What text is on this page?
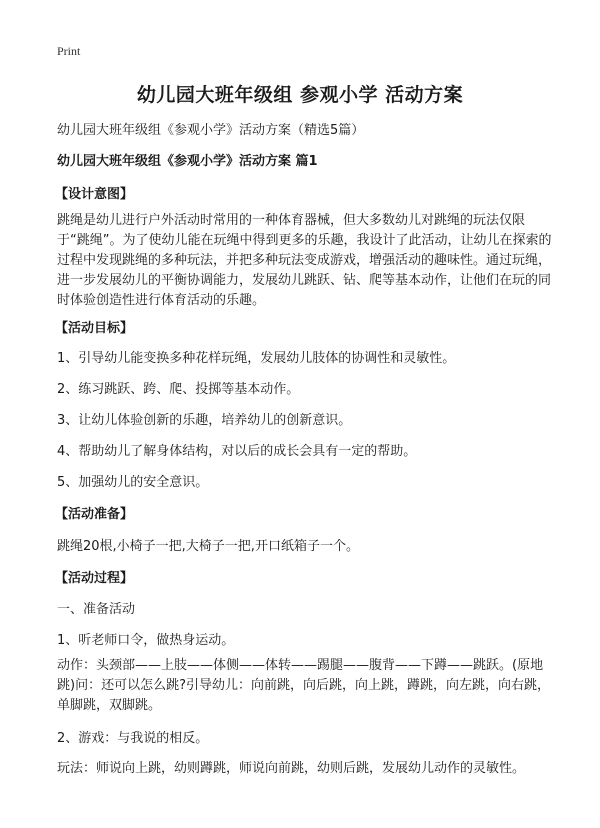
Print
幼儿园大班年级组 参观小学 活动方案
幼儿园大班年级组《参观小学》活动方案（精选5篇）
幼儿园大班年级组《参观小学》活动方案 篇1
【设计意图】

跳绳是幼儿进行户外活动时常用的一种体育器械，但大多数幼儿对跳绳的玩法仅限于“跳绳”。为了使幼儿能在玩绳中得到更多的乐趣，我设计了此活动，让幼儿在探索的过程中发现跳绳的多种玩法，并把多种玩法变成游戏，增强活动的趣味性。通过玩绳，进一步发展幼儿的平衡协调能力，发展幼儿跳跃、钻、爬等基本动作，让他们在玩的同时体验创造性进行体育活动的乐趣。

【活动目标】
1、引导幼儿能变换多种花样玩绳，发展幼儿肢体的协调性和灵敏性。
2、练习跳跃、跨、爬、投掷等基本动作。
3、让幼儿体验创新的乐趣，培养幼儿的创新意识。
4、帮助幼儿了解身体结构，对以后的成长会具有一定的帮助。
5、加强幼儿的安全意识。
【活动准备】
跳绳20根,小椅子一把,大椅子一把,开口纸箱子一个。
【活动过程】
一、准备活动
1、听老师口令，做热身运动。

动作：头颈部——上肢——体侧——体转——踢腿——腹背——下蹲——跳跃。(原地跳)问：还可以怎么跳?引导幼儿：向前跳，向后跳，向上跳，蹲跳，向左跳，向右跳，单脚跳，双脚跳。

2、游戏：与我说的相反。
玩法：师说向上跳，幼则蹲跳，师说向前跳，幼则后跳，发展幼儿动作的灵敏性。
